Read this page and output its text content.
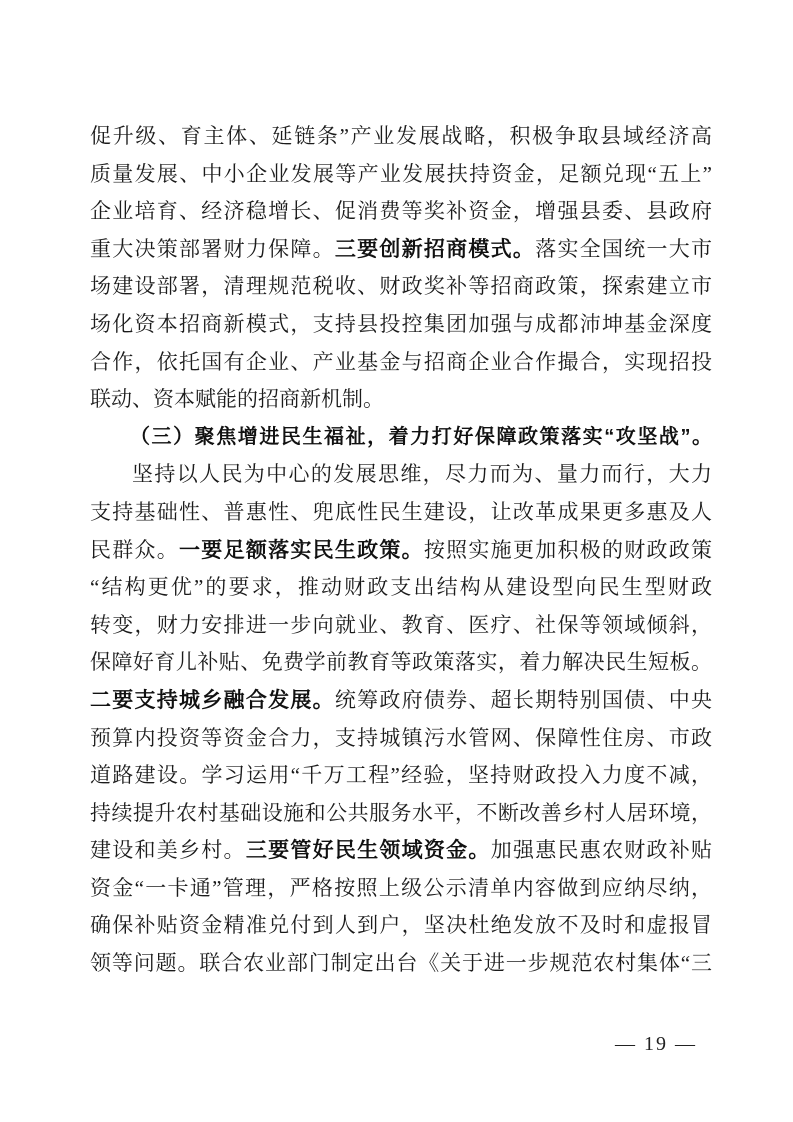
促升级、育主体、延链条”产业发展战略，积极争取县域经济高
质量发展、中小企业发展等产业发展扶持资金，足额兑现“五上”
企业培育、经济稳增长、促消费等奖补资金，增强县委、县政府
重大决策部署财力保障。三要创新招商模式。落实全国统一大市
场建设部署，清理规范税收、财政奖补等招商政策，探索建立市
场化资本招商新模式，支持县投控集团加强与成都沛坤基金深度
合作，依托国有企业、产业基金与招商企业合作撮合，实现招投
联动、资本赋能的招商新机制。
（三）聚焦增进民生福祉，着力打好保障政策落实“攻坚战”。
坚持以人民为中心的发展思维，尽力而为、量力而行，大力
支持基础性、普惠性、兜底性民生建设，让改革成果更多惠及人
民群众。一要足额落实民生政策。按照实施更加积极的财政政策
“结构更优”的要求，推动财政支出结构从建设型向民生型财政
转变，财力安排进一步向就业、教育、医疗、社保等领域倾斜，
保障好育儿补贴、免费学前教育等政策落实，着力解决民生短板。
二要支持城乡融合发展。统筹政府债券、超长期特别国债、中央
预算内投资等资金合力，支持城镇污水管网、保障性住房、市政
道路建设。学习运用“千万工程”经验，坚持财政投入力度不减，
持续提升农村基础设施和公共服务水平，不断改善乡村人居环境，
建设和美乡村。三要管好民生领域资金。加强惠民惠农财政补贴
资金“一卡通”管理，严格按照上级公示清单内容做到应纳尽纳，
确保补贴资金精准兑付到人到户，坚决杜绝发放不及时和虚报冒
领等问题。联合农业部门制定出台《关于进一步规范农村集体“三
— 19 —
